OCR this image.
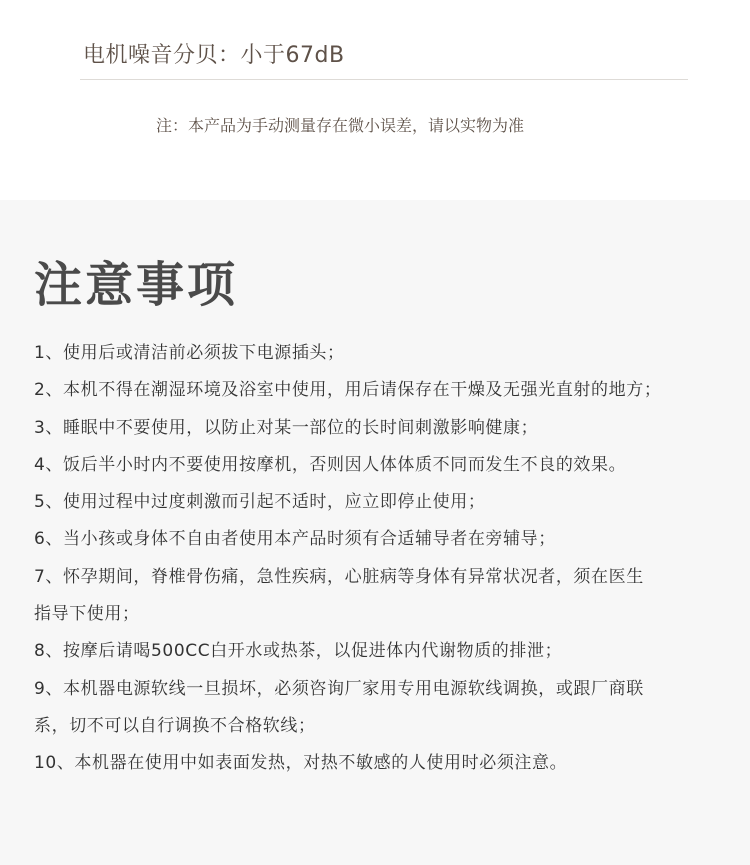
电机噪音分贝：小于67dB
注：本产品为手动测量存在微小误差，请以实物为准
注意事项
1、使用后或清洁前必须拔下电源插头；
2、本机不得在潮湿环境及浴室中使用，用后请保存在干燥及无强光直射的地方；
3、睡眠中不要使用，以防止对某一部位的长时间刺激影响健康；
4、饭后半小时内不要使用按摩机，否则因人体体质不同而发生不良的效果。
5、使用过程中过度刺激而引起不适时，应立即停止使用；
6、当小孩或身体不自由者使用本产品时须有合适辅导者在旁辅导；
7、怀孕期间，脊椎骨伤痛，急性疾病，心脏病等身体有异常状况者，须在医生
指导下使用；
8、按摩后请喝500CC白开水或热茶，以促进体内代谢物质的排泄；
9、本机器电源软线一旦损坏，必须咨询厂家用专用电源软线调换，或跟厂商联
系，切不可以自行调换不合格软线；
10、本机器在使用中如表面发热，对热不敏感的人使用时必须注意。
